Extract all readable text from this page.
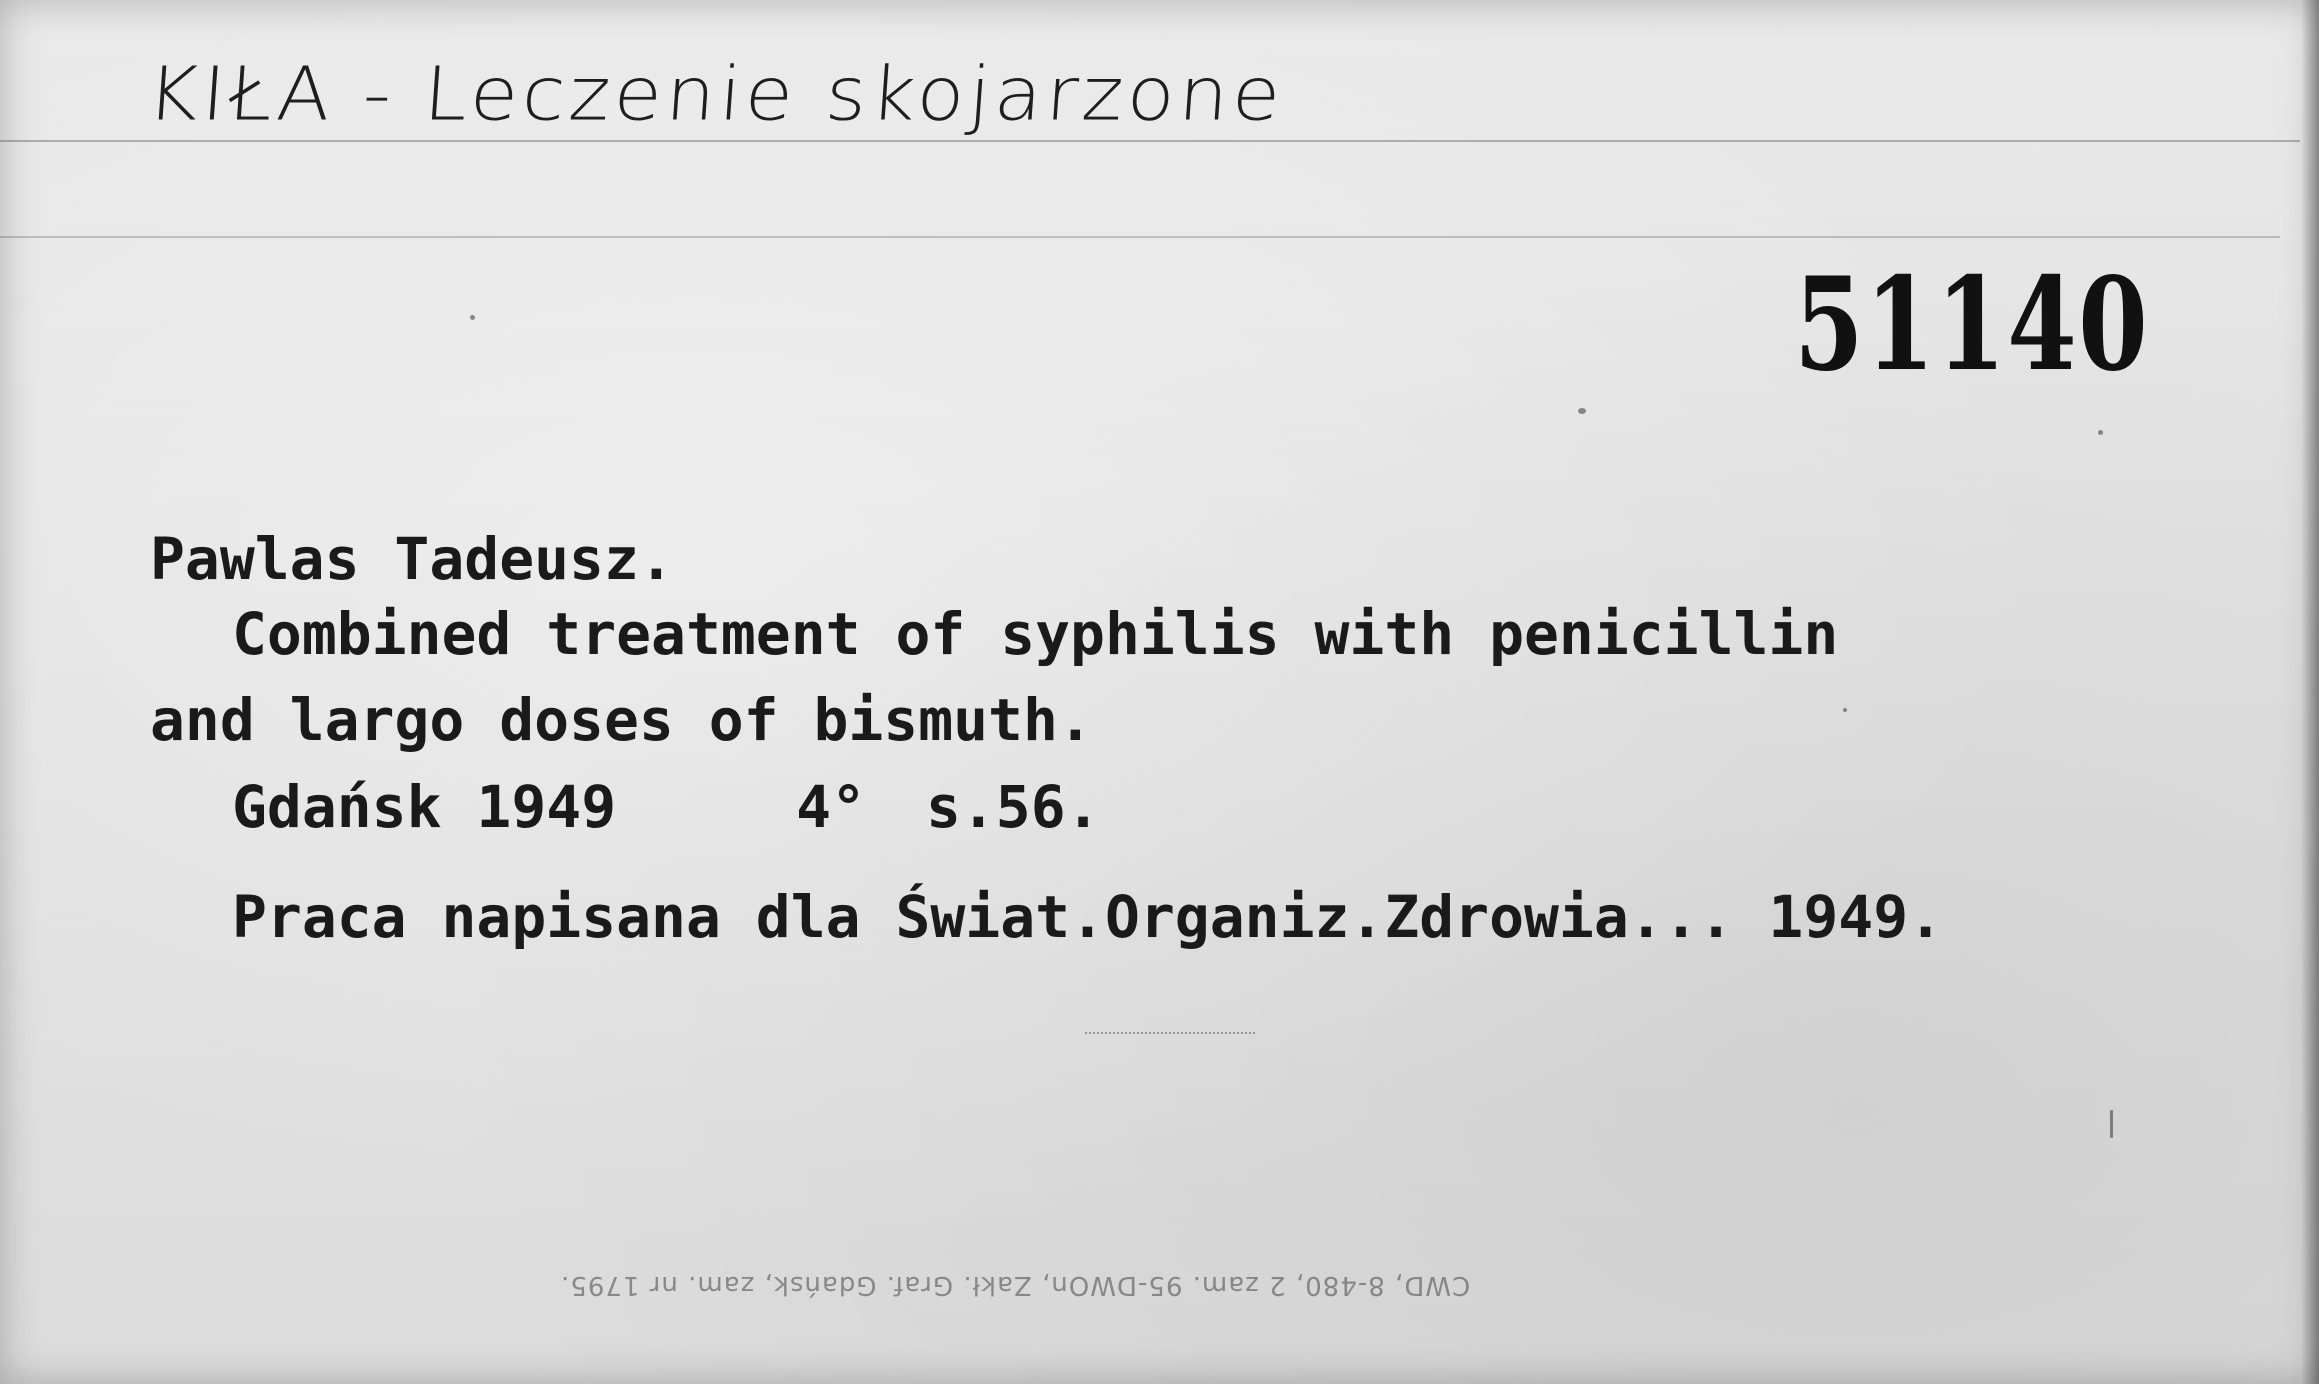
KIŁA - Leczenie skojarzone
51140
Pawlas Tadeusz.
Combined treatment of syphilis with penicillin
and largo doses of bismuth.
Gdańsk 1949	4° s.56.
Praca napisana dla Świat.Organiz.Zdrowia... 1949.
CWD, 8-480, 2 zam. 95-DWOn, Zakł. Graf. Gdańsk, zam. nr 1795.
